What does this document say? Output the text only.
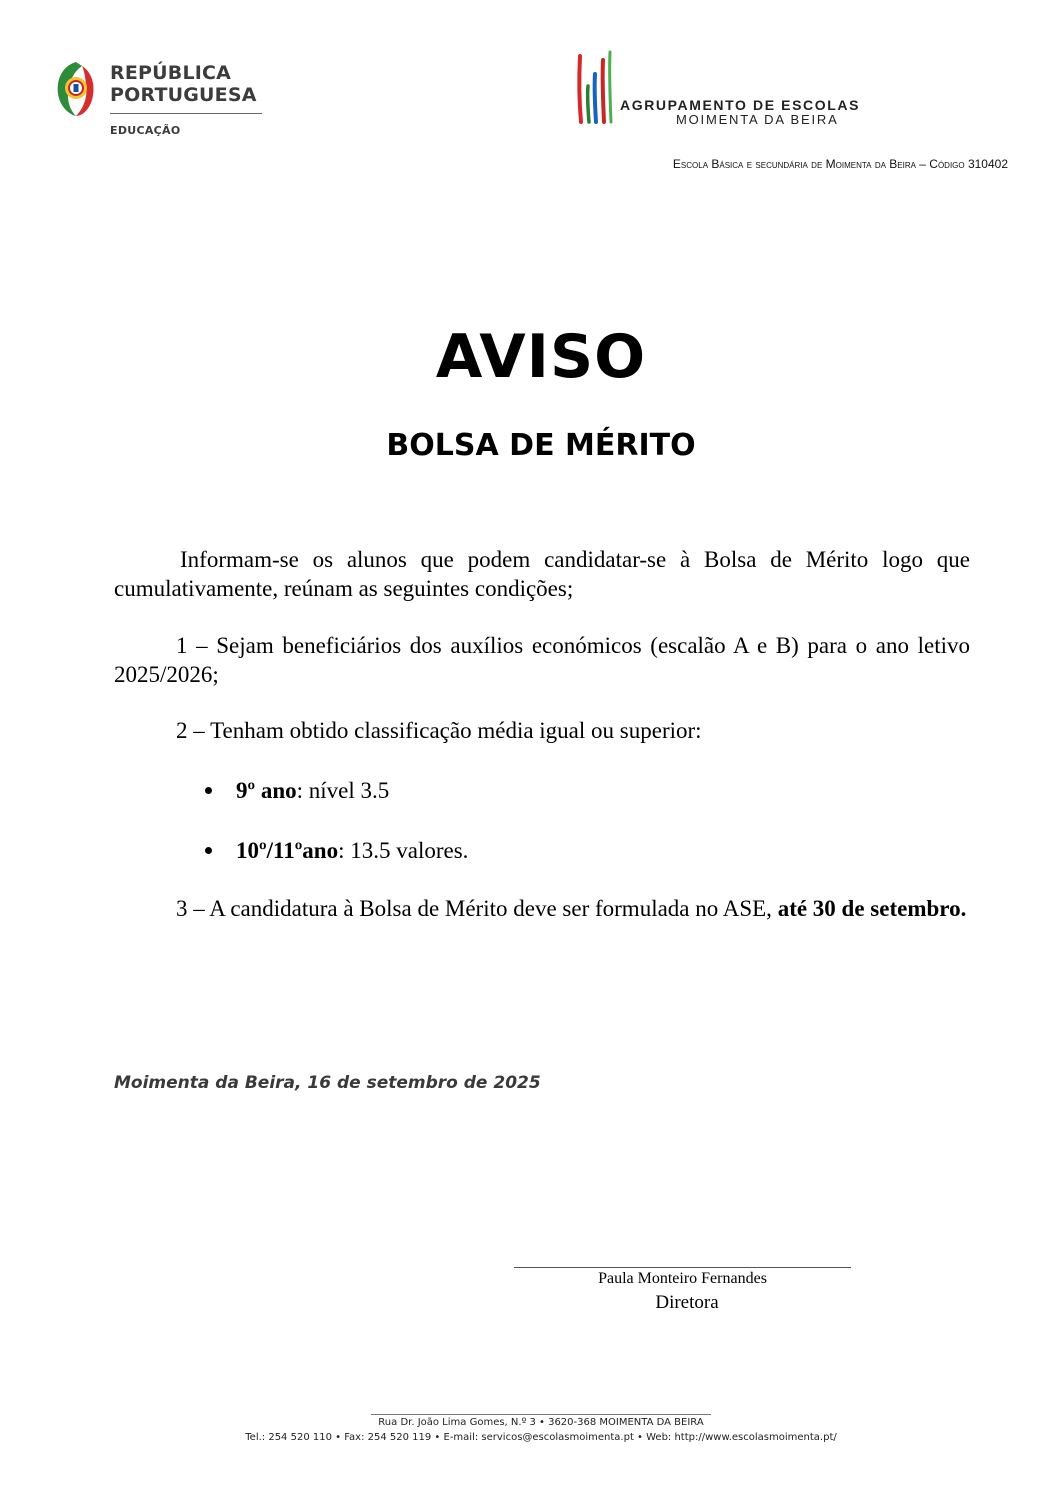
REPÚBLICA
PORTUGUESA
EDUCAÇÃO
AGRUPAMENTO DE ESCOLAS
MOIMENTA DA BEIRA
Escola Básica e secundária de Moimenta da Beira – Código 310402
AVISO
BOLSA DE MÉRITO
Informam-se os alunos que podem candidatar-se à Bolsa de Mérito logo que cumulativamente, reúnam as seguintes condições;
1 – Sejam beneficiários dos auxílios económicos (escalão A e B) para o ano letivo 2025/2026;
2 – Tenham obtido classificação média igual ou superior:
9º ano: nível 3.5
10º/11ºano: 13.5 valores.
3 – A candidatura à Bolsa de Mérito deve ser formulada no ASE, até 30 de setembro.
Moimenta da Beira, 16 de setembro de 2025
Paula Monteiro Fernandes
Diretora
Rua Dr. João Lima Gomes, N.º 3 • 3620-368 MOIMENTA DA BEIRA
Tel.: 254 520 110 • Fax: 254 520 119 • E-mail: servicos@escolasmoimenta.pt • Web: http://www.escolasmoimenta.pt/
